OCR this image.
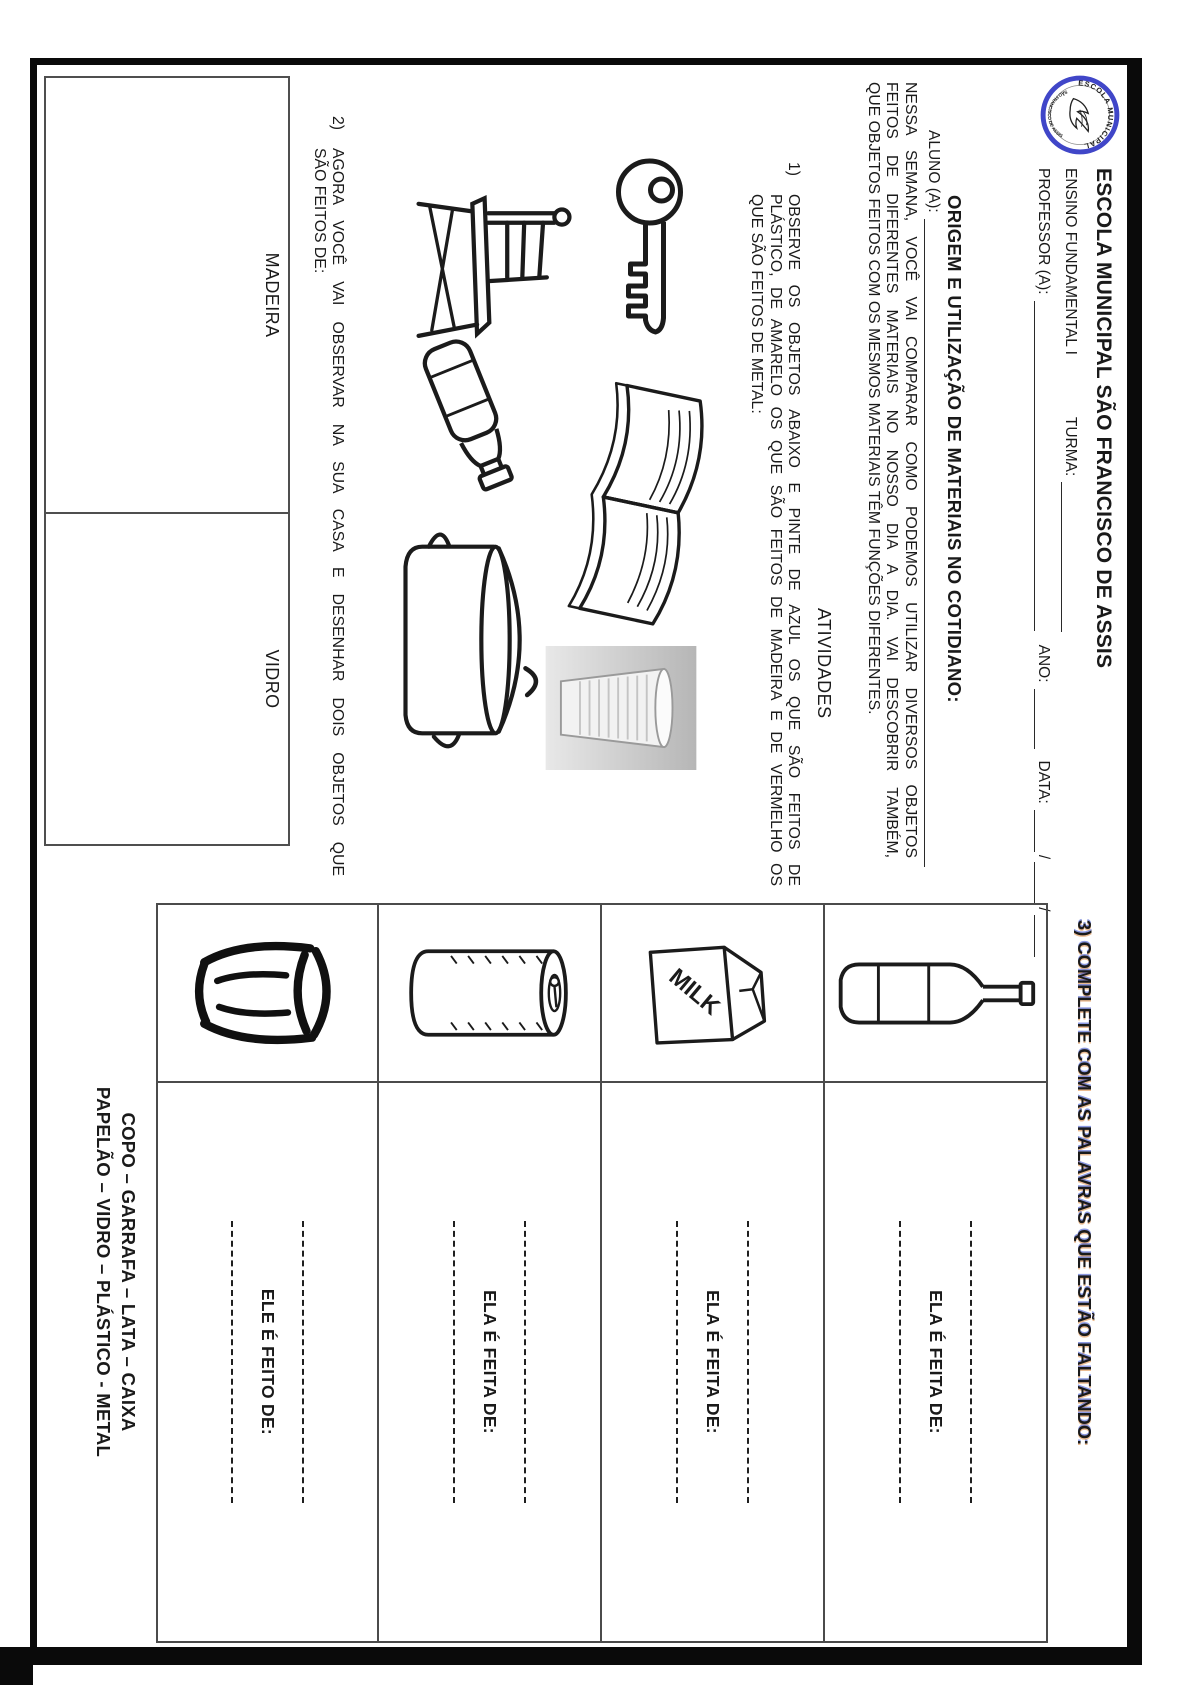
ESCOLA MUNICIPAL
SÃO FRANCISCO DE ASSIS
ESCOLA MUNICIPAL SÃO FRANCISCO DE ASSIS
ENSINO FUNDAMENTAL I
TURMA:
PROFESSOR (A):
ANO:
DATA:
/
/
ORIGEM E UTILIZAÇÃO DE MATERIAIS NO COTIDIANO:
ALUNO (A):
NESSA SEMANA, VOCÊ VAI COMPARAR COMO PODEMOS UTILIZAR DIVERSOS OBJETOS
FEITOS DE DIFERENTES MATERIAIS NO NOSSO DIA A DIA. VAI DESCOBRIR TAMBÉM,
QUE OBJETOS FEITOS COM OS MESMOS MATERIAIS TÊM FUNÇÕES DIFERENTES.
ATIVIDADES
1)
OBSERVE OS OBJETOS ABAIXO E PINTE DE AZUL OS QUE SÃO FEITOS DE
PLÁSTICO, DE AMARELO OS QUE SÃO FEITOS DE MADEIRA E DE VERMELHO OS
QUE SÃO FEITOS DE METAL:
2)
AGORA VOCÊ VAI OBSERVAR NA SUA CASA E DESENHAR DOIS OBJETOS QUE
SÃO FEITOS DE:
MADEIRA
VIDRO
3) COMPLETE COM AS PALAVRAS QUE ESTÃO FALTANDO:
ELA É FEITA DE:
MILK
ELA É FEITA DE:
ELA É FEITA DE:
ELE É FEITO DE:
COPO – GARRAFA – LATA – CAIXA
PAPELÃO – VIDRO – PLÁSTICO - METAL
